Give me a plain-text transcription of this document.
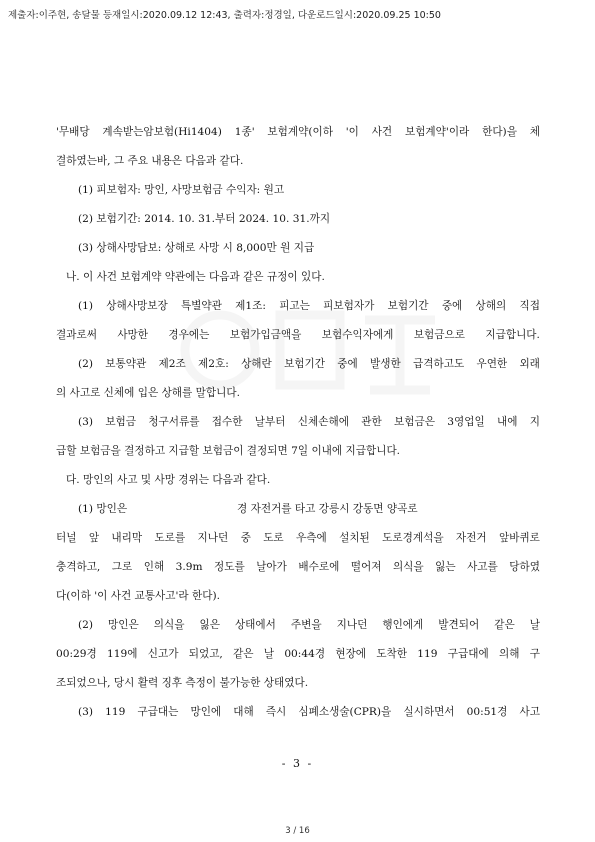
제출자:이주현, 송달물 등재일시:2020.09.12 12:43, 출력자:정경일, 다운로드일시:2020.09.25 10:50
'무배당 계속받는암보험(Hi1404) 1종' 보험계약(이하 '이 사건 보험계약'이라 한다)을 체
결하였는바, 그 주요 내용은 다음과 같다.
(1) 피보험자: 망인, 사망보험금 수익자: 원고
(2) 보험기간: 2014. 10. 31.부터 2024. 10. 31.까지
(3) 상해사망담보: 상해로 사망 시 8,000만 원 지급
나. 이 사건 보험계약 약관에는 다음과 같은 규정이 있다.
(1) 상해사망보장 특별약관 제1조: 피고는 피보험자가 보험기간 중에 상해의 직접
결과로써 사망한 경우에는 보험가입금액을 보험수익자에게 보험금으로 지급합니다.
(2) 보통약관 제2조 제2호: 상해란 보험기간 중에 발생한 급격하고도 우연한 외래
의 사고로 신체에 입은 상해를 말합니다.
(3) 보험금 청구서류를 접수한 날부터 신체손해에 관한 보험금은 3영업일 내에 지
급할 보험금을 결정하고 지급할 보험금이 결정되면 7일 이내에 지급합니다.
다. 망인의 사고 및 사망 경위는 다음과 같다.
(1) 망인은	경 자전거를 타고 강릉시 강동면 양곡로
터널 앞 내리막 도로를 지나던 중 도로 우측에 설치된 도로경계석을 자전거 앞바퀴로
충격하고, 그로 인해 3.9m 정도를 날아가 배수로에 떨어져 의식을 잃는 사고를 당하였
다(이하 '이 사건 교통사고'라 한다).
(2) 망인은 의식을 잃은 상태에서 주변을 지나던 행인에게 발견되어 같은 날
00:29경 119에 신고가 되었고, 같은 날 00:44경 현장에 도착한 119 구급대에 의해 구
조되었으나, 당시 활력 징후 측정이 불가능한 상태였다.
(3) 119 구급대는 망인에 대해 즉시 심폐소생술(CPR)을 실시하면서 00:51경 사고
- 3 -
3 / 16
